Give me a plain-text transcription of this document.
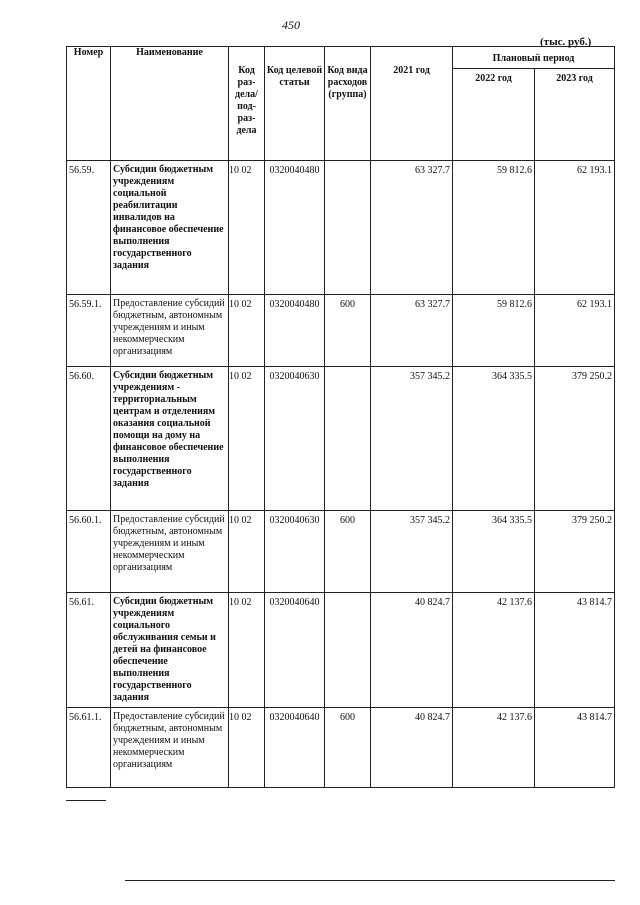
450
(тыс. руб.)
Номер	Наименование	Код раз-дела/ под-раз-дела	Код целевой статьи	Код вида расходов (группа)	2021 год	Плановый период	
						2022 год	2023 год
56.59.	Субсидии бюджетным учреждениям социальной реабилитации инвалидов на финансовое обеспечение выполнения государственного задания	10 02	0320040480		63 327.7	59 812.6	62 193.1
56.59.1.	Предоставление субсидий бюджетным, автономным учреждениям и иным некоммерческим организациям	10 02	0320040480	600	63 327.7	59 812.6	62 193.1
56.60.	Субсидии бюджетным учреждениям - территориальным центрам и отделениям оказания социальной помощи на дому на финансовое обеспечение выполнения государственного задания	10 02	0320040630		357 345.2	364 335.5	379 250.2
56.60.1.	Предоставление субсидий бюджетным, автономным учреждениям и иным некоммерческим организациям	10 02	0320040630	600	357 345.2	364 335.5	379 250.2
56.61.	Субсидии бюджетным учреждениям социального обслуживания семьи и детей на финансовое обеспечение выполнения государственного задания	10 02	0320040640		40 824.7	42 137.6	43 814.7
56.61.1.	Предоставление субсидий бюджетным, автономным учреждениям и иным некоммерческим организациям	10 02	0320040640	600	40 824.7	42 137.6	43 814.7
